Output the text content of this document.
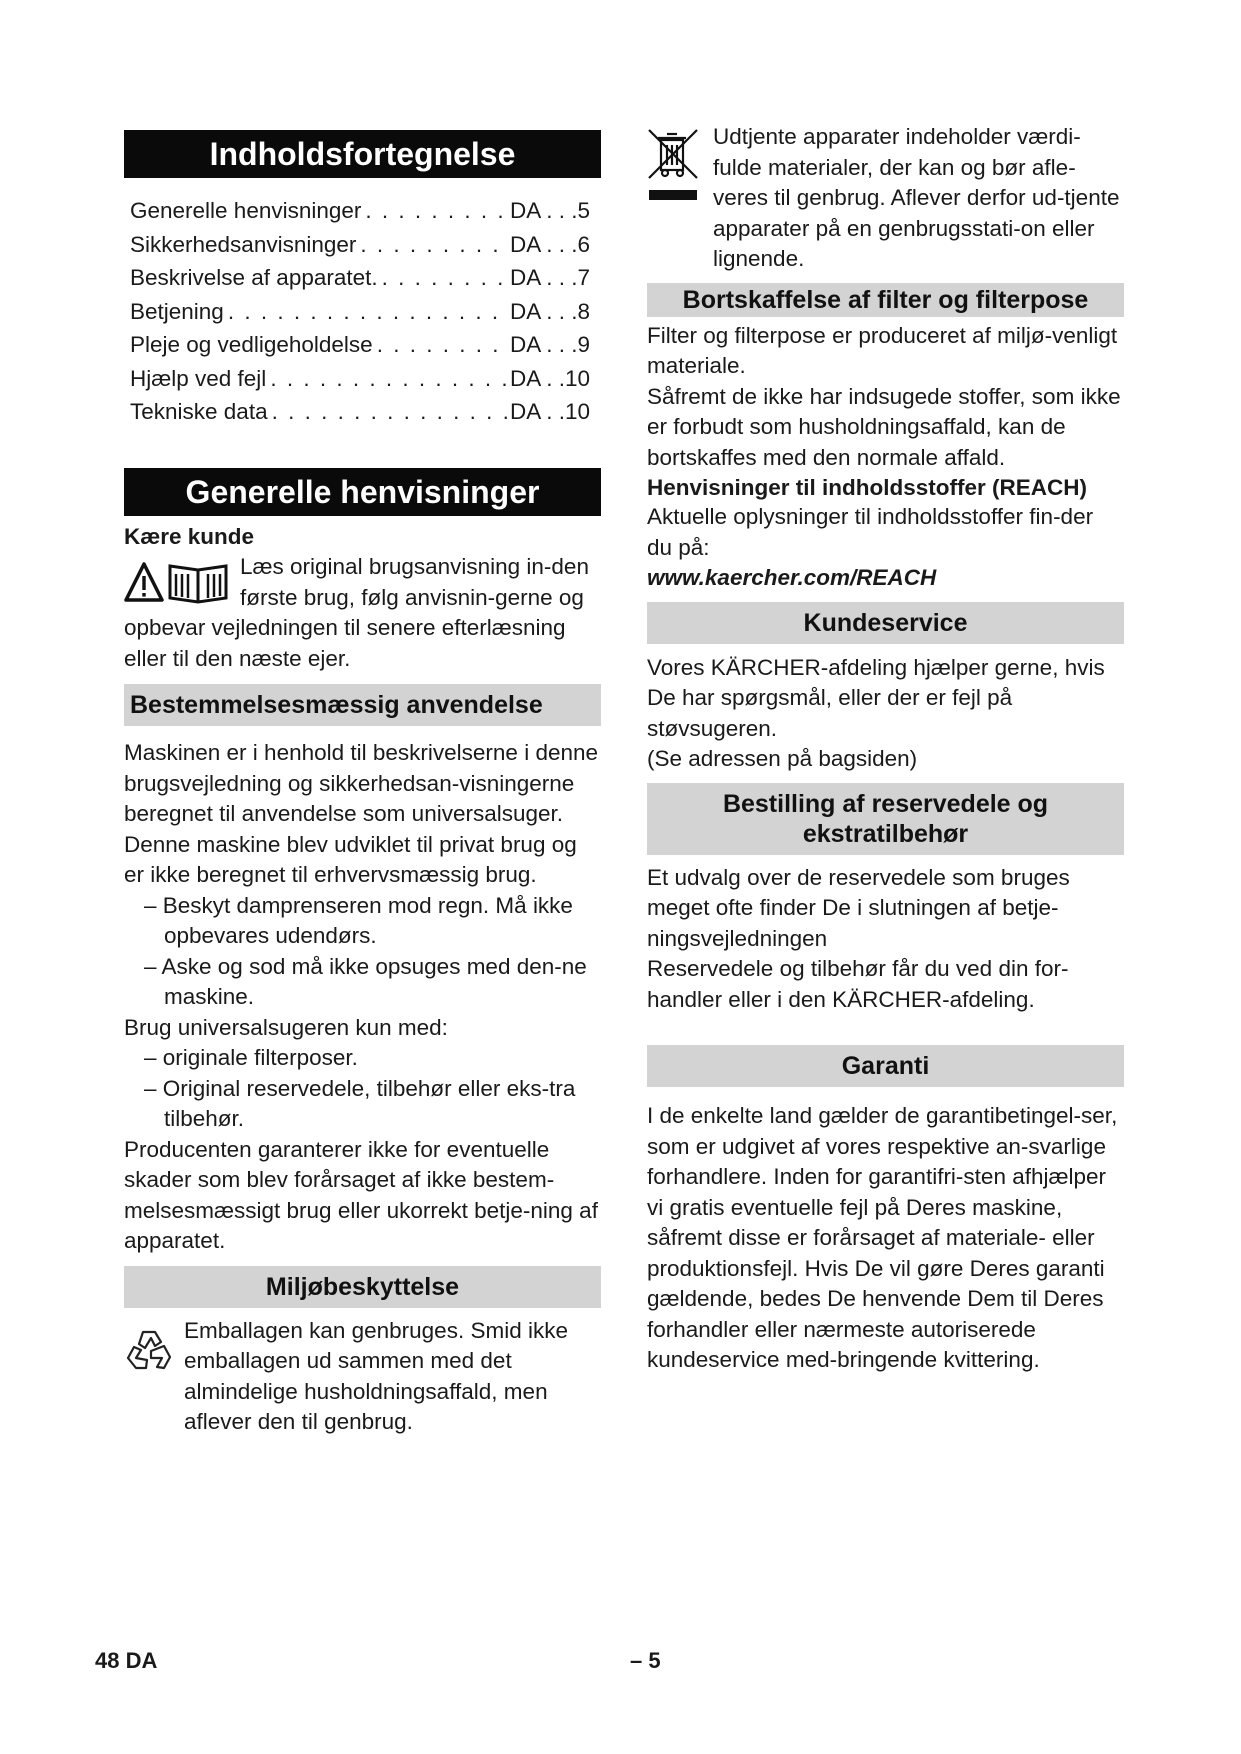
Indholdsfortegnelse
Generelle henvisninger . . .	DA . . .5
Sikkerhedsanvisninger . . .	DA . . .6
Beskrivelse af apparatet. . . .	DA . . .7
Betjening . . .	DA . . .8
Pleje og vedligeholdelse . . .	DA . . .9
Hjælp ved fejl . . .	DA . .10
Tekniske data . . .	DA . .10
Generelle henvisninger
Kære kunde

Læs original brugsanvisning in-den første brug, følg anvisnin-gerne og opbevar vejledningen til senere efterlæsning eller til den næste ejer.

Bestemmelsesmæssig anvendelse

Maskinen er i henhold til beskrivelserne i denne brugsvejledning og sikkerhedsan-visningerne beregnet til anvendelse som universalsuger.

Denne maskine blev udviklet til privat brug og er ikke beregnet til erhvervsmæssig brug.

– Beskyt damprenseren mod regn. Må ikke opbevares udendørs.

– Aske og sod må ikke opsuges med den-ne maskine.

Brug universalsugeren kun med:

– originale filterposer.

– Original reservedele, tilbehør eller eks-tra tilbehør.

Producenten garanterer ikke for eventuelle skader som blev forårsaget af ikke bestem-melsesmæssigt brug eller ukorrekt betje-ning af apparatet.

Miljøbeskyttelse

Emballagen kan genbruges. Smid ikke emballagen ud sammen med det almindelige husholdningsaffald, men aflever den til genbrug.

Udtjente apparater indeholder værdi-fulde materialer, der kan og bør afle-veres til genbrug. Aflever derfor ud-tjente apparater på en genbrugsstati-on eller lignende.

Bortskaffelse af filter og filterpose

Filter og filterpose er produceret af miljø-venligt materiale.

Såfremt de ikke har indsugede stoffer, som ikke er forbudt som husholdningsaffald, kan de bortskaffes med den normale affald.

Henvisninger til indholdsstoffer (REACH)

Aktuelle oplysninger til indholdsstoffer fin-der du på:

www.kaercher.com/REACH

Kundeservice

Vores KÄRCHER-afdeling hjælper gerne, hvis De har spørgsmål, eller der er fejl på støvsugeren.

(Se adressen på bagsiden)

Bestilling af reservedele og ekstratilbehør

Et udvalg over de reservedele som bruges meget ofte finder De i slutningen af betje-ningsvejledningen

Reservedele og tilbehør får du ved din for-handler eller i den KÄRCHER-afdeling.

Garanti

I de enkelte land gælder de garantibetingel-ser, som er udgivet af vores respektive an-svarlige forhandlere. Inden for garantifri-sten afhjælper vi gratis eventuelle fejl på Deres maskine, såfremt disse er forårsaget af materiale- eller produktionsfejl. Hvis De vil gøre Deres garanti gældende, bedes De henvende Dem til Deres forhandler eller nærmeste autoriserede kundeservice med-bringende kvittering.

48 DA	– 5
